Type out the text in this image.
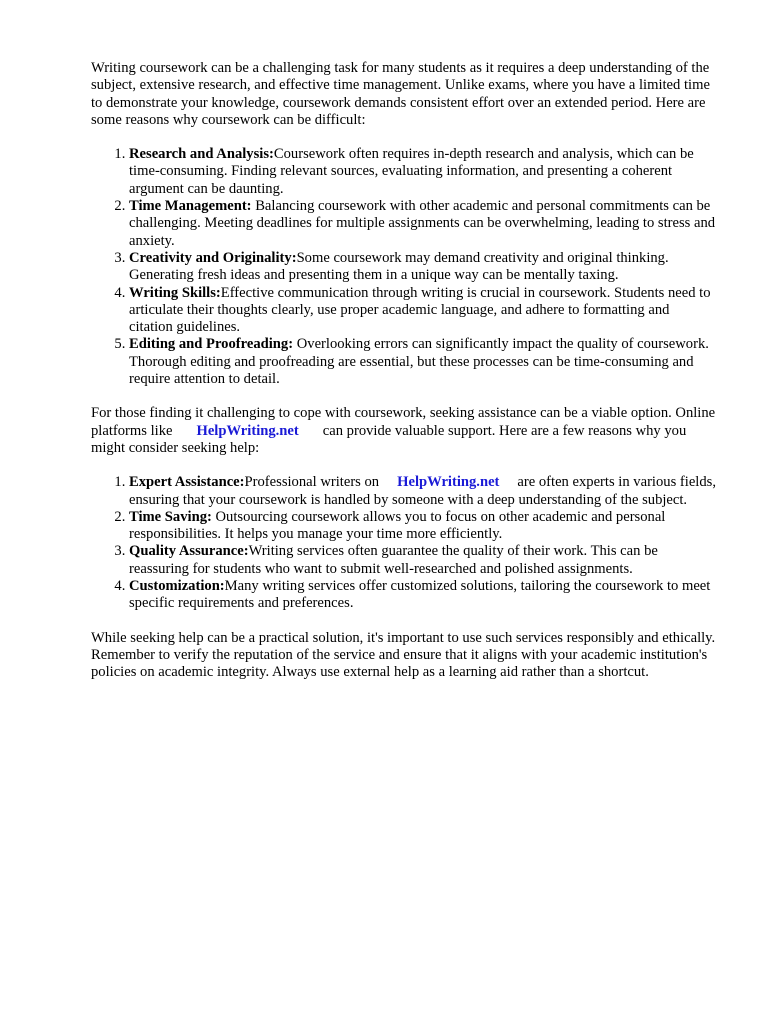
Writing coursework can be a challenging task for many students as it requires a deep understanding of the subject, extensive research, and effective time management. Unlike exams, where you have a limited time to demonstrate your knowledge, coursework demands consistent effort over an extended period. Here are some reasons why coursework can be difficult:

1. Research and Analysis:Coursework often requires in-depth research and analysis, which can be time-consuming. Finding relevant sources, evaluating information, and presenting a coherent argument can be daunting.
2. Time Management: Balancing coursework with other academic and personal commitments can be challenging. Meeting deadlines for multiple assignments can be overwhelming, leading to stress and anxiety.
3. Creativity and Originality:Some coursework may demand creativity and original thinking. Generating fresh ideas and presenting them in a unique way can be mentally taxing.
4. Writing Skills:Effective communication through writing is crucial in coursework. Students need to articulate their thoughts clearly, use proper academic language, and adhere to formatting and citation guidelines.
5. Editing and Proofreading: Overlooking errors can significantly impact the quality of coursework. Thorough editing and proofreading are essential, but these processes can be time-consuming and require attention to detail.

For those finding it challenging to cope with coursework, seeking assistance can be a viable option. Online platforms like HelpWriting.net can provide valuable support. Here are a few reasons why you might consider seeking help:

1. Expert Assistance:Professional writers on HelpWriting.net are often experts in various fields, ensuring that your coursework is handled by someone with a deep understanding of the subject.
2. Time Saving: Outsourcing coursework allows you to focus on other academic and personal responsibilities. It helps you manage your time more efficiently.
3. Quality Assurance:Writing services often guarantee the quality of their work. This can be reassuring for students who want to submit well-researched and polished assignments.
4. Customization:Many writing services offer customized solutions, tailoring the coursework to meet specific requirements and preferences.

While seeking help can be a practical solution, it's important to use such services responsibly and ethically. Remember to verify the reputation of the service and ensure that it aligns with your academic institution's policies on academic integrity. Always use external help as a learning aid rather than a shortcut.
